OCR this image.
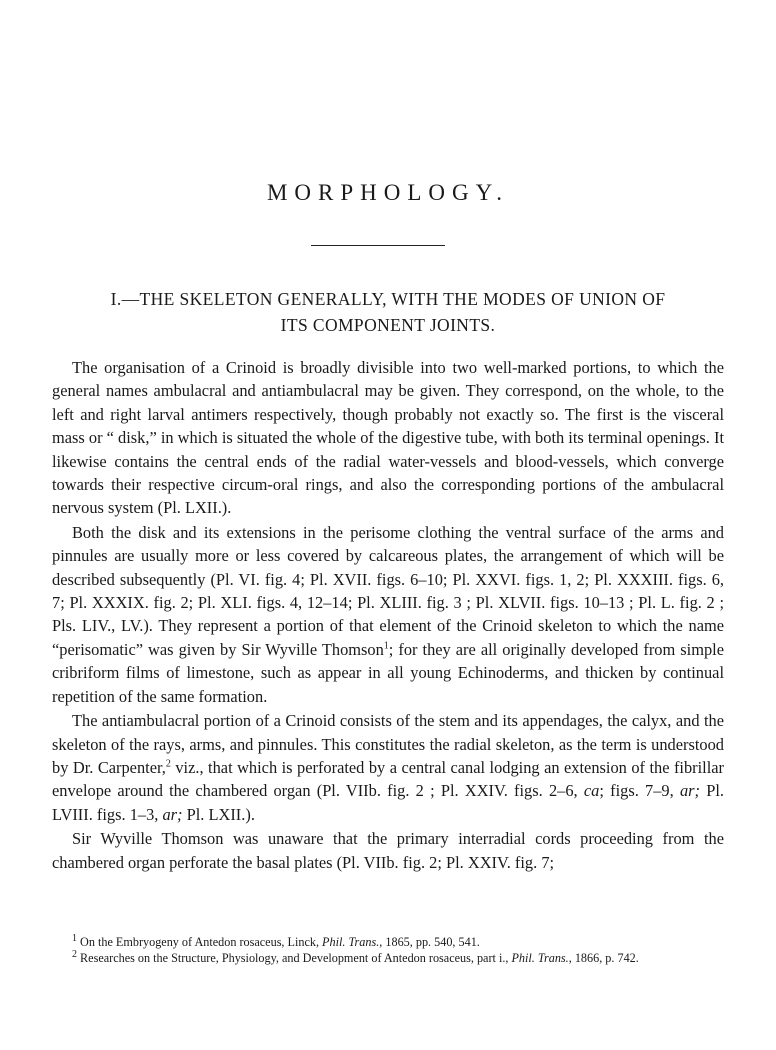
MORPHOLOGY.
I.—THE SKELETON GENERALLY, WITH THE MODES OF UNION OF
ITS COMPONENT JOINTS.

The organisation of a Crinoid is broadly divisible into two well-marked portions, to which the general names ambulacral and antiambulacral may be given. They correspond, on the whole, to the left and right larval antimers respectively, though probably not exactly so. The first is the visceral mass or “ disk,” in which is situated the whole of the digestive tube, with both its terminal openings. It likewise contains the central ends of the radial water-vessels and blood-vessels, which converge towards their respective circum-oral rings, and also the corresponding portions of the ambulacral nervous system (Pl. LXII.).

Both the disk and its extensions in the perisome clothing the ventral surface of the arms and pinnules are usually more or less covered by calcareous plates, the arrangement of which will be described subsequently (Pl. VI. fig. 4; Pl. XVII. figs. 6–10; Pl. XXVI. figs. 1, 2; Pl. XXXIII. figs. 6, 7; Pl. XXXIX. fig. 2; Pl. XLI. figs. 4, 12–14; Pl. XLIII. fig. 3 ; Pl. XLVII. figs. 10–13 ; Pl. L. fig. 2 ; Pls. LIV., LV.). They represent a portion of that element of the Crinoid skeleton to which the name “perisomatic” was given by Sir Wyville Thomson$^1$; for they are all originally developed from simple cribriform films of limestone, such as appear in all young Echinoderms, and thicken by continual repetition of the same formation.

The antiambulacral portion of a Crinoid consists of the stem and its appendages, the calyx, and the skeleton of the rays, arms, and pinnules. This constitutes the radial skeleton, as the term is understood by Dr. Carpenter,$^2$ viz., that which is perforated by a central canal lodging an extension of the fibrillar envelope around the chambered organ (Pl. VIIb. fig. 2 ; Pl. XXIV. figs. 2–6, ca; figs. 7–9, ar; Pl. LVIII. figs. 1–3, ar; Pl. LXII.).

Sir Wyville Thomson was unaware that the primary interradial cords proceeding from the chambered organ perforate the basal plates (Pl. VIIb. fig. 2; Pl. XXIV. fig. 7;

$^1$ On the Embryogeny of Antedon rosaceus, Linck, Phil. Trans., 1865, pp. 540, 541.

$^2$ Researches on the Structure, Physiology, and Development of Antedon rosaceus, part i., Phil. Trans., 1866, p. 742.
